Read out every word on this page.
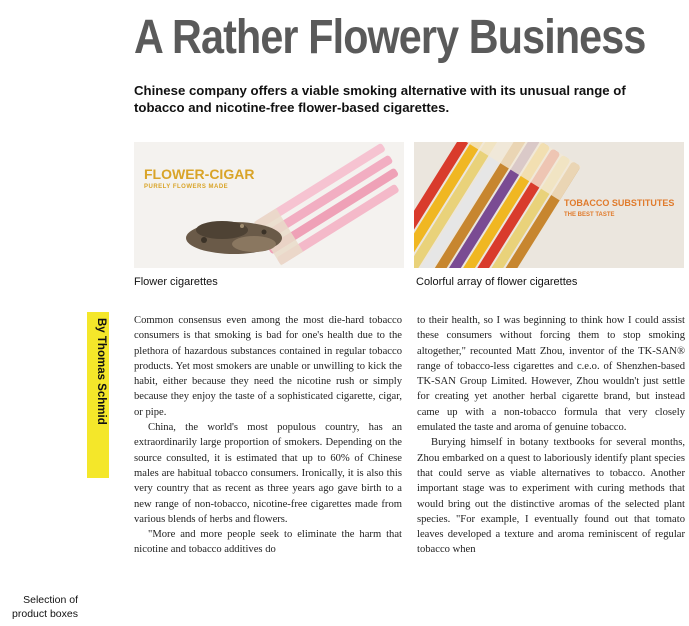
A Rather Flowery Business
Chinese company offers a viable smoking alternative with its unusual range of tobacco and nicotine-free flower-based cigarettes.
FLOWER-CIGAR
PURELY FLOWERS MADE
TOBACCO SUBSTITUTES
THE BEST TASTE
Flower cigarettes	Colorful array of flower cigarettes
By Thomas Schmid	Common consensus even among the most die-hard tobacco consumers is that smoking is bad for one's health due to the plethora of hazardous substances contained in regular tobacco products. Yet most smokers are unable or unwilling to kick the habit, either because they need the nicotine rush or simply because they enjoy the taste of a sophisticated cigarette, cigar, or pipe.

China, the world's most populous country, has an extraordinarily large proportion of smokers. Depending on the source consulted, it is estimated that up to 60% of Chinese males are habitual tobacco consumers. Ironically, it is also this very country that as recent as three years ago gave birth to a new range of non-tobacco, nicotine-free cigarettes made from various blends of herbs and flowers.

"More and more people seek to eliminate the harm that nicotine and tobacco additives do

to their health, so I was beginning to think how I could assist these consumers without forcing them to stop smoking altogether," recounted Matt Zhou, inventor of the TK-SAN® range of tobacco-less cigarettes and c.e.o. of Shenzhen-based TK-SAN Group Limited. However, Zhou wouldn't just settle for creating yet another herbal cigarette brand, but instead came up with a non-tobacco formula that very closely emulated the taste and aroma of genuine tobacco.

Burying himself in botany textbooks for several months, Zhou embarked on a quest to laboriously identify plant species that could serve as viable alternatives to tobacco. Another important stage was to experiment with curing methods that would bring out the distinctive aromas of the selected plant species. "For example, I eventually found out that tomato leaves developed a texture and aroma reminiscent of regular tobacco when

Selection of product boxes
